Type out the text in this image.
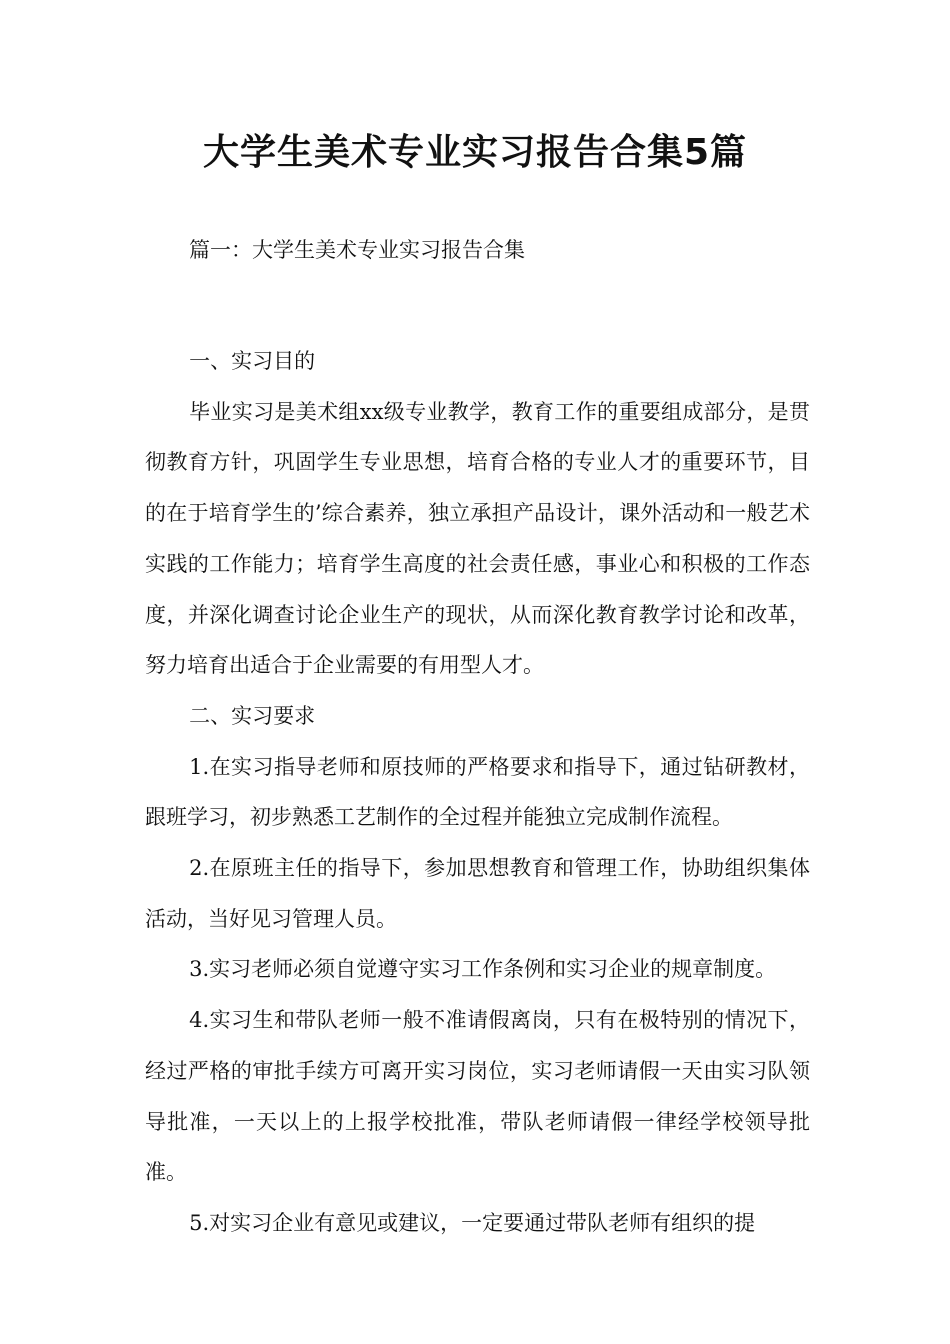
大学生美术专业实习报告合集5篇
篇一：大学生美术专业实习报告合集

一、实习目的

毕业实习是美术组xx级专业教学，教育工作的重要组成部分，是贯彻教育方针，巩固学生专业思想，培育合格的专业人才的重要环节，目的在于培育学生的’综合素养，独立承担产品设计，课外活动和一般艺术实践的工作能力；培育学生高度的社会责任感，事业心和积极的工作态度，并深化调查讨论企业生产的现状，从而深化教育教学讨论和改革，努力培育出适合于企业需要的有用型人才。

二、实习要求

1.在实习指导老师和原技师的严格要求和指导下，通过钻研教材，跟班学习，初步熟悉工艺制作的全过程并能独立完成制作流程。

2.在原班主任的指导下，参加思想教育和管理工作，协助组织集体活动，当好见习管理人员。

3.实习老师必须自觉遵守实习工作条例和实习企业的规章制度。

4.实习生和带队老师一般不准请假离岗，只有在极特别的情况下，经过严格的审批手续方可离开实习岗位，实习老师请假一天由实习队领导批准，一天以上的上报学校批准，带队老师请假一律经学校领导批准。

5.对实习企业有意见或建议，一定要通过带队老师有组织的提
